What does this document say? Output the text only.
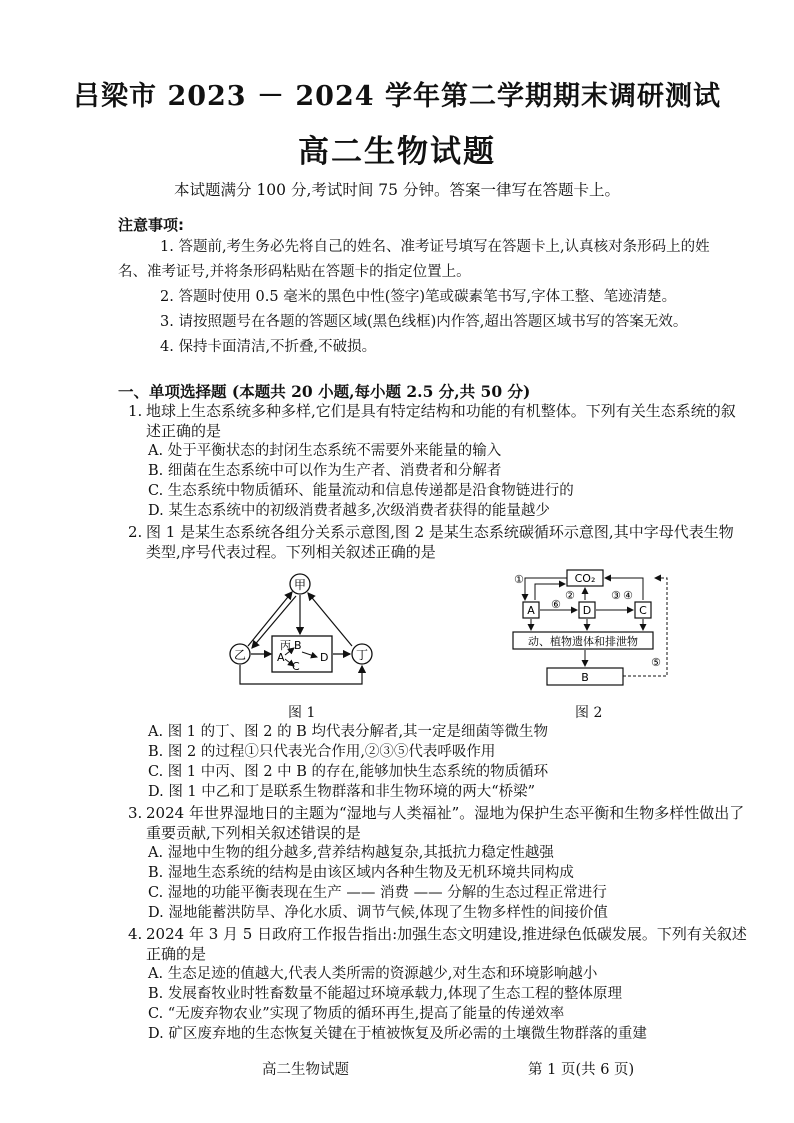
吕梁市 2023 － 2024 学年第二学期期末调研测试
高二生物试题
本试题满分 100 分,考试时间 75 分钟。答案一律写在答题卡上。
注意事项:
1. 答题前,考生务必先将自己的姓名、准考证号填写在答题卡上,认真核对条形码上的姓
名、准考证号,并将条形码粘贴在答题卡的指定位置上。
2. 答题时使用 0.5 毫米的黑色中性(签字)笔或碳素笔书写,字体工整、笔迹清楚。
3. 请按照题号在各题的答题区域(黑色线框)内作答,超出答题区域书写的答案无效。
4. 保持卡面清洁,不折叠,不破损。
一、单项选择题 (本题共 20 小题,每小题 2.5 分,共 50 分)
1. 地球上生态系统多种多样,它们是具有特定结构和功能的有机整体。下列有关生态系统的叙
述正确的是
A. 处于平衡状态的封闭生态系统不需要外来能量的输入
B. 细菌在生态系统中可以作为生产者、消费者和分解者
C. 生态系统中物质循环、能量流动和信息传递都是沿食物链进行的
D. 某生态系统中的初级消费者越多,次级消费者获得的能量越少
2. 图 1 是某生态系统各组分关系示意图,图 2 是某生态系统碳循环示意图,其中字母代表生物
类型,序号代表过程。下列相关叙述正确的是
甲
乙	丁
丙 B
A
C
D
CO₂
A	D	C
动、植物遗体和排泄物
B
①
②	③
⑥
④
⑤
图 1	图 2
A. 图 1 的丁、图 2 的 B 均代表分解者,其一定是细菌等微生物
B. 图 2 的过程①只代表光合作用,②③⑤代表呼吸作用
C. 图 1 中丙、图 2 中 B 的存在,能够加快生态系统的物质循环
D. 图 1 中乙和丁是联系生物群落和非生物环境的两大“桥梁”
3. 2024 年世界湿地日的主题为“湿地与人类福祉”。湿地为保护生态平衡和生物多样性做出了
重要贡献,下列相关叙述错误的是
A. 湿地中生物的组分越多,营养结构越复杂,其抵抗力稳定性越强
B. 湿地生态系统的结构是由该区域内各种生物及无机环境共同构成
C. 湿地的功能平衡表现在生产 —— 消费 —— 分解的生态过程正常进行
D. 湿地能蓄洪防旱、净化水质、调节气候,体现了生物多样性的间接价值
4. 2024 年 3 月 5 日政府工作报告指出:加强生态文明建设,推进绿色低碳发展。下列有关叙述
正确的是
A. 生态足迹的值越大,代表人类所需的资源越少,对生态和环境影响越小
B. 发展畜牧业时牲畜数量不能超过环境承载力,体现了生态工程的整体原理
C. “无废弃物农业”实现了物质的循环再生,提高了能量的传递效率
D. 矿区废弃地的生态恢复关键在于植被恢复及所必需的土壤微生物群落的重建
高二生物试题	第 1 页(共 6 页)
